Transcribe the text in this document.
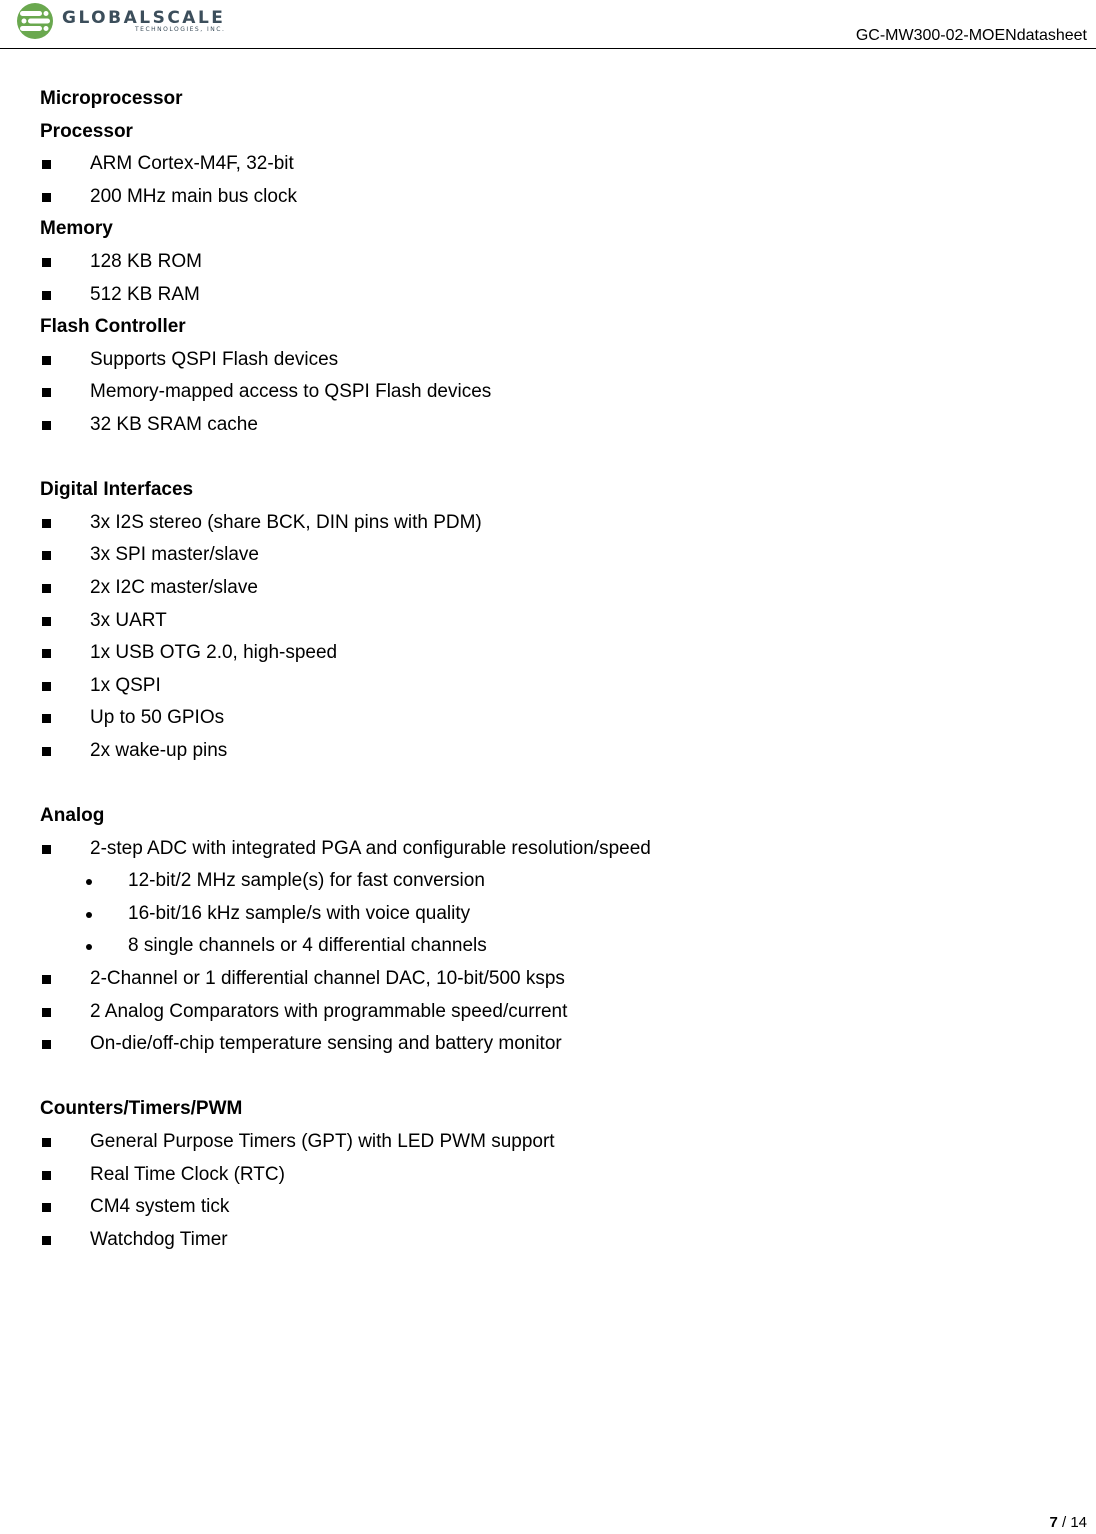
GLOBALSCALE
TECHNOLOGIES, INC.	GC-MW300-02-MOENdatasheet
Microprocessor
Processor
ARM Cortex-M4F, 32-bit
200 MHz main bus clock
Memory
128 KB ROM
512 KB RAM
Flash Controller
Supports QSPI Flash devices
Memory-mapped access to QSPI Flash devices
32 KB SRAM cache
Digital Interfaces
3x I2S stereo (share BCK, DIN pins with PDM)
3x SPI master/slave
2x I2C master/slave
3x UART
1x USB OTG 2.0, high-speed
1x QSPI
Up to 50 GPIOs
2x wake-up pins
Analog
2-step ADC with integrated PGA and configurable resolution/speed
12-bit/2 MHz sample(s) for fast conversion
16-bit/16 kHz sample/s with voice quality
8 single channels or 4 differential channels
2-Channel or 1 differential channel DAC, 10-bit/500 ksps
2 Analog Comparators with programmable speed/current
On-die/off-chip temperature sensing and battery monitor
Counters/Timers/PWM
General Purpose Timers (GPT) with LED PWM support
Real Time Clock (RTC)
CM4 system tick
Watchdog Timer
7 / 14
